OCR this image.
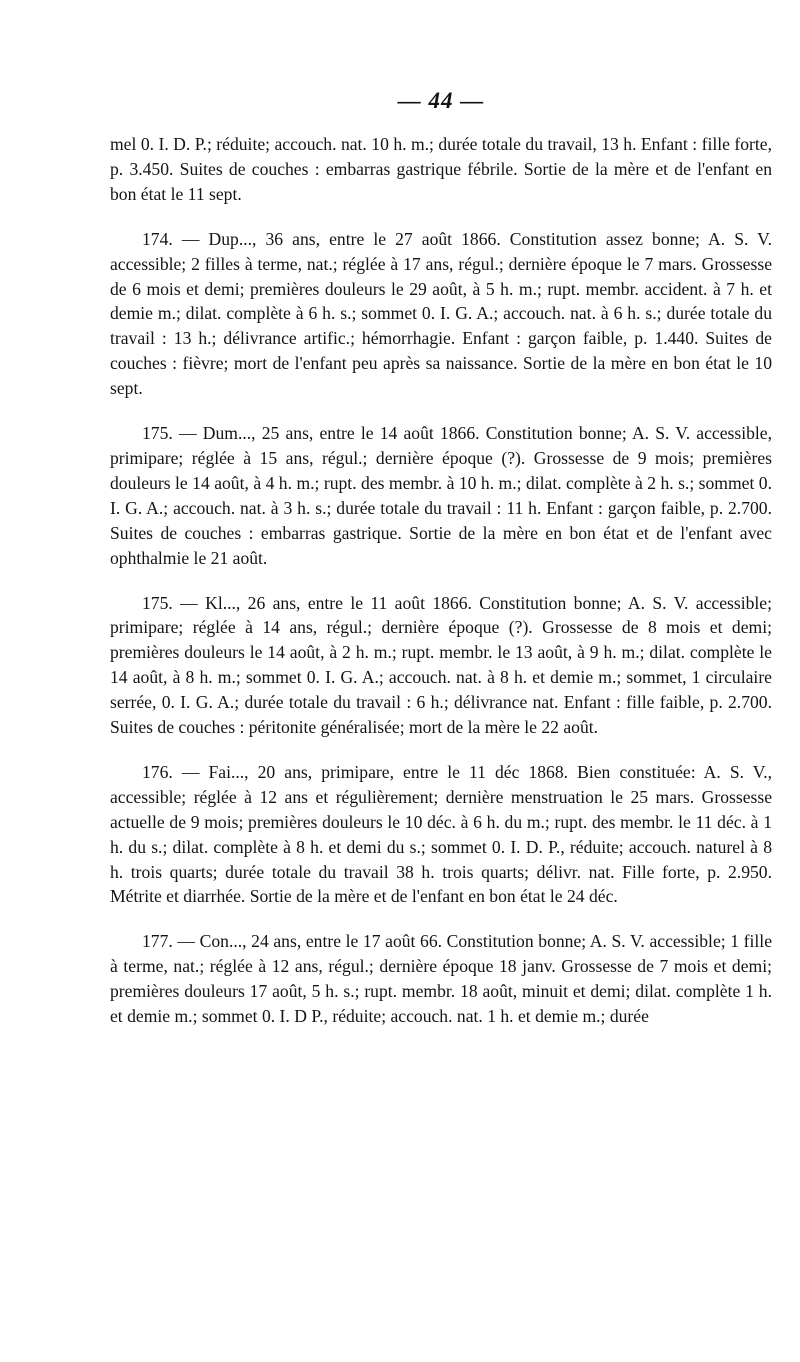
— 44 —

mel 0. I. D. P.; réduite; accouch. nat. 10 h. m.; durée totale du travail, 13 h. Enfant : fille forte, p. 3.450. Suites de couches : embarras gastrique fébrile. Sortie de la mère et de l'enfant en bon état le 11 sept.

174. — Dup..., 36 ans, entre le 27 août 1866. Constitution assez bonne; A. S. V. accessible; 2 filles à terme, nat.; réglée à 17 ans, régul.; dernière époque le 7 mars. Grossesse de 6 mois et demi; premières douleurs le 29 août, à 5 h. m.; rupt. membr. accident. à 7 h. et demie m.; dilat. complète à 6 h. s.; sommet 0. I. G. A.; accouch. nat. à 6 h. s.; durée totale du travail : 13 h.; délivrance artific.; hémorrhagie. Enfant : garçon faible, p. 1.440. Suites de couches : fièvre; mort de l'enfant peu après sa naissance. Sortie de la mère en bon état le 10 sept.

175. — Dum..., 25 ans, entre le 14 août 1866. Constitution bonne; A. S. V. accessible, primipare; réglée à 15 ans, régul.; dernière époque (?). Grossesse de 9 mois; premières douleurs le 14 août, à 4 h. m.; rupt. des membr. à 10 h. m.; dilat. complète à 2 h. s.; sommet 0. I. G. A.; accouch. nat. à 3 h. s.; durée totale du travail : 11 h. Enfant : garçon faible, p. 2.700. Suites de couches : embarras gastrique. Sortie de la mère en bon état et de l'enfant avec ophthalmie le 21 août.

175. — Kl..., 26 ans, entre le 11 août 1866. Constitution bonne; A. S. V. accessible; primipare; réglée à 14 ans, régul.; dernière époque (?). Grossesse de 8 mois et demi; premières douleurs le 14 août, à 2 h. m.; rupt. membr. le 13 août, à 9 h. m.; dilat. complète le 14 août, à 8 h. m.; sommet 0. I. G. A.; accouch. nat. à 8 h. et demie m.; sommet, 1 circulaire serrée, 0. I. G. A.; durée totale du travail : 6 h.; délivrance nat. Enfant : fille faible, p. 2.700. Suites de couches : péritonite généralisée; mort de la mère le 22 août.

176. — Fai..., 20 ans, primipare, entre le 11 déc 1868. Bien constituée: A. S. V., accessible; réglée à 12 ans et régulièrement; dernière menstruation le 25 mars. Grossesse actuelle de 9 mois; premières douleurs le 10 déc. à 6 h. du m.; rupt. des membr. le 11 déc. à 1 h. du s.; dilat. complète à 8 h. et demi du s.; sommet 0. I. D. P., réduite; accouch. naturel à 8 h. trois quarts; durée totale du travail 38 h. trois quarts; délivr. nat. Fille forte, p. 2.950. Métrite et diarrhée. Sortie de la mère et de l'enfant en bon état le 24 déc.

177. — Con..., 24 ans, entre le 17 août 66. Constitution bonne; A. S. V. accessible; 1 fille à terme, nat.; réglée à 12 ans, régul.; dernière époque 18 janv. Grossesse de 7 mois et demi; premières douleurs 17 août, 5 h. s.; rupt. membr. 18 août, minuit et demi; dilat. complète 1 h. et demie m.; sommet 0. I. D P., réduite; accouch. nat. 1 h. et demie m.; durée
